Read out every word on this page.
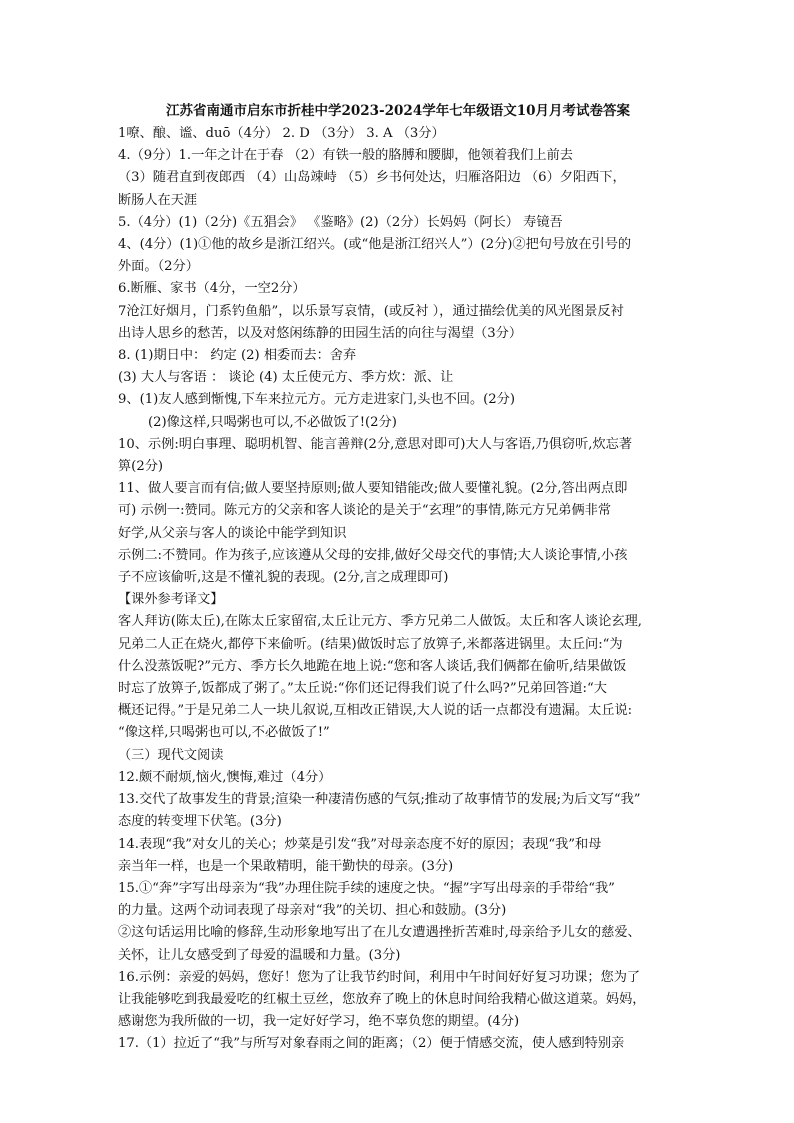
江苏省南通市启东市折桂中学2023-2024学年七年级语文10月月考试卷答案
1嘹、酿、谧、duō（4分） 2. D （3分） 3. A （3分）
4.（9分）1.一年之计在于春 （2）有铁一般的胳膊和腰脚，他领着我们上前去
（3）随君直到夜郎西 （4）山岛竦峙 （5）乡书何处达，归雁洛阳边 （6）夕阳西下，
断肠人在天涯
5.（4分）(1)（2分)《五猖会》 《鉴略》(2)（2分）长妈妈（阿长） 寿镜吾
4、(4分）(1)①他的故乡是浙江绍兴。(或“他是浙江绍兴人”）(2分)②把句号放在引号的
外面。（2分）
6.断雁、家书（4分，一空2分）
7沧江好烟月，门系钓鱼船”，以乐景写哀情，(或反衬 ），通过描绘优美的风光图景反衬
出诗人思乡的愁苦，以及对悠闲练静的田园生活的向往与渴望（3分）
8. (1)期日中： 约定 (2) 相委而去：舍弃
(3) 大人与客语 ： 谈论 (4) 太丘使元方、季方炊：派、让
9、(1)友人感到惭愧,下车来拉元方。元方走进家门,头也不回。(2分)
(2)像这样,只喝粥也可以,不必做饭了!(2分)
10、示例:明白事理、聪明机智、能言善辩(2分,意思对即可)大人与客语,乃俱窃听,炊忘著
箅(2分)
11、做人要言而有信;做人要坚持原则;做人要知错能改;做人要懂礼貌。(2分,答出两点即
可) 示例一:赞同。陈元方的父亲和客人谈论的是关于“玄理”的事情,陈元方兄弟俩非常
好学,从父亲与客人的谈论中能学到知识
示例二:不赞同。作为孩子,应该遵从父母的安排,做好父母交代的事情;大人谈论事情,小孩
子不应该偷听,这是不懂礼貌的表现。(2分,言之成理即可)
【课外参考译文】
客人拜访(陈太丘),在陈太丘家留宿,太丘让元方、季方兄弟二人做饭。太丘和客人谈论玄理,
兄弟二人正在烧火,都停下来偷听。(结果)做饭时忘了放箅子,米都落进锅里。太丘问:“为
什么没蒸饭呢?”元方、季方长久地跪在地上说:“您和客人谈话,我们俩都在偷听,结果做饭
时忘了放箅子,饭都成了粥了。”太丘说:“你们还记得我们说了什么吗?”兄弟回答道:“大
概还记得。”于是兄弟二人一块儿叙说,互相改正错误,大人说的话一点都没有遗漏。太丘说:
“像这样,只喝粥也可以,不必做饭了!”
（三）现代文阅读
12.颇不耐烦,恼火,懊悔,难过（4分）
13.交代了故事发生的背景;渲染一种凄清伤感的气氛;推动了故事情节的发展;为后文写“我”
态度的转变埋下伏笔。(3分)
14.表现“我”对女儿的关心；炒菜是引发“我”对母亲态度不好的原因；表现“我”和母
亲当年一样，也是一个果敢精明，能干勤快的母亲。(3分)
15.①“奔”字写出母亲为“我”办理住院手续的速度之快。“握”字写出母亲的手带给“我”
的力量。这两个动词表现了母亲对“我”的关切、担心和鼓励。(3分)
②这句话运用比喻的修辞,生动形象地写出了在儿女遭遇挫折苦难时,母亲给予儿女的慈爱、
关怀，让儿女感受到了母爱的温暖和力量。(3分)
16.示例：亲爱的妈妈，您好！您为了让我节约时间，利用中午时间好好复习功课；您为了
让我能够吃到我最爱吃的红椒土豆丝，您放弃了晚上的休息时间给我精心做这道菜。妈妈，
感谢您为我所做的一切，我一定好好学习，绝不辜负您的期望。(4分)
17.（1）拉近了“我”与所写对象春雨之间的距离；（2）便于情感交流，使人感到特别亲
